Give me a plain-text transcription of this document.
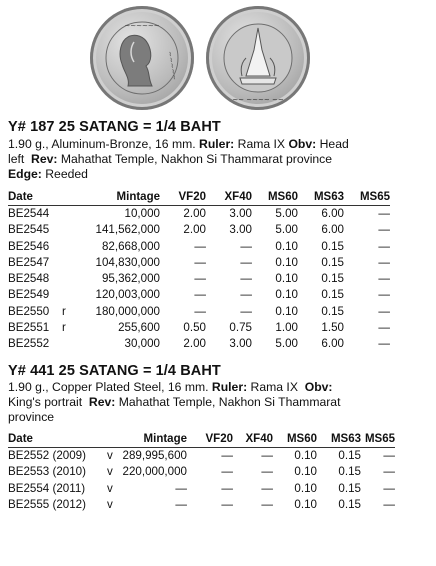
~~~~~~
~~~~~
~~ ~~~~ ~~
Y# 187 25 SATANG = 1/4 BAHT
1.90 g., Aluminum-Bronze, 16 mm. Ruler: Rama IX Obv: Head
left Rev: Mahathat Temple, Nakhon Si Thammarat province
Edge: Reeded
Date		Mintage	VF20	XF40	MS60	MS63	MS65
BE2544		10,000	2.00	3.00	5.00	6.00	—
BE2545		141,562,000	2.00	3.00	5.00	6.00	—
BE2546		82,668,000	—	—	0.10	0.15	—
BE2547		104,830,000	—	—	0.10	0.15	—
BE2548		95,362,000	—	—	0.10	0.15	—
BE2549		120,003,000	—	—	0.10	0.15	—
BE2550	r	180,000,000	—	—	0.10	0.15	—
BE2551	r	255,600	0.50	0.75	1.00	1.50	—
BE2552		30,000	2.00	3.00	5.00	6.00	—
Y# 441 25 SATANG = 1/4 BAHT
1.90 g., Copper Plated Steel, 16 mm. Ruler: Rama IX Obv:
King's portrait Rev: Mahathat Temple, Nakhon Si Thammarat
province
Date		Mintage	VF20	XF40	MS60	MS63	MS65
BE2552 (2009)	v	289,995,600	—	—	0.10	0.15	—
BE2553 (2010)	v	220,000,000	—	—	0.10	0.15	—
BE2554 (2011)	v	—	—	—	0.10	0.15	—
BE2555 (2012)	v	—	—	—	0.10	0.15	—
